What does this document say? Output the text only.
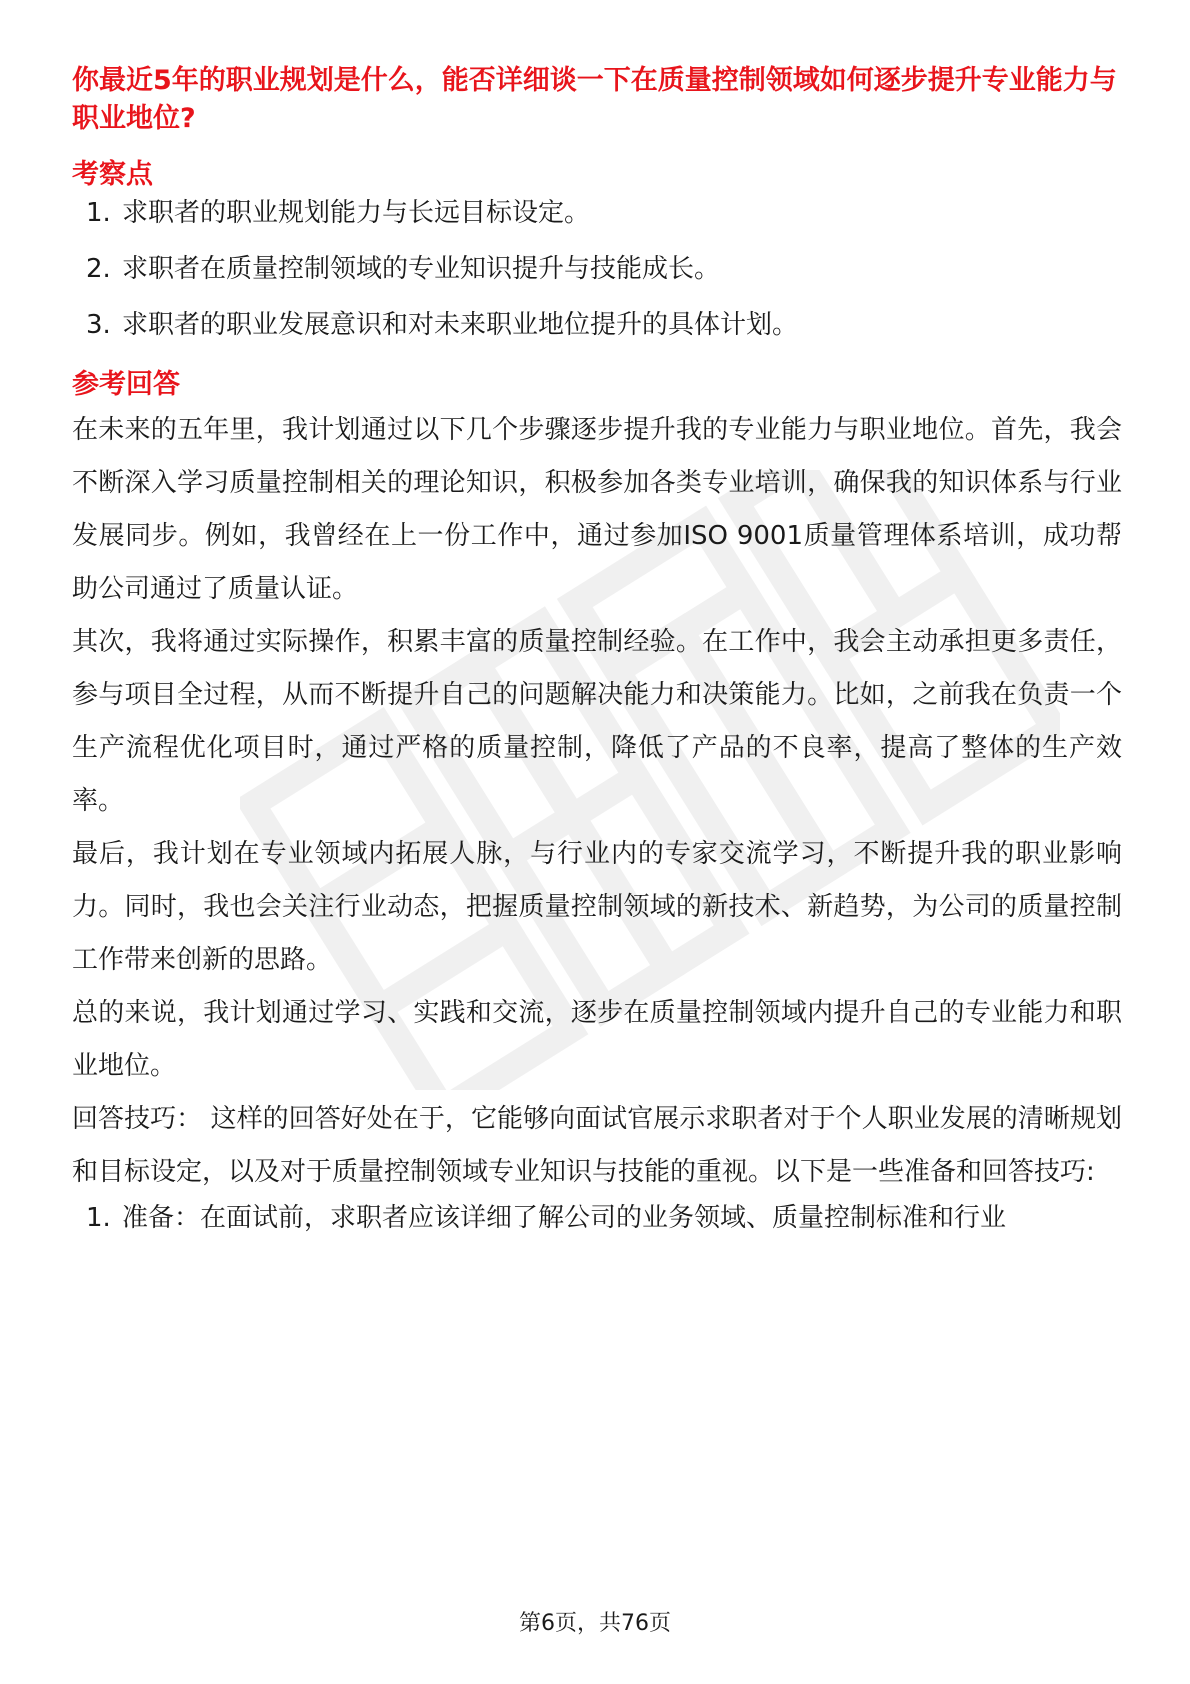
你最近5年的职业规划是什么，能否详细谈一下在质量控制领域如何逐步提升专业能力与职业地位?
考察点
1. 求职者的职业规划能力与长远目标设定。
2. 求职者在质量控制领域的专业知识提升与技能成长。
3. 求职者的职业发展意识和对未来职业地位提升的具体计划。
参考回答

在未来的五年里，我计划通过以下几个步骤逐步提升我的专业能力与职业地位。首先，我会不断深入学习质量控制相关的理论知识，积极参加各类专业培训，确保我的知识体系与行业发展同步。例如，我曾经在上一份工作中，通过参加ISO 9001质量管理体系培训，成功帮助公司通过了质量认证。

其次，我将通过实际操作，积累丰富的质量控制经验。在工作中，我会主动承担更多责任，参与项目全过程，从而不断提升自己的问题解决能力和决策能力。比如，之前我在负责一个生产流程优化项目时，通过严格的质量控制，降低了产品的不良率，提高了整体的生产效率。

最后，我计划在专业领域内拓展人脉，与行业内的专家交流学习，不断提升我的职业影响力。同时，我也会关注行业动态，把握质量控制领域的新技术、新趋势，为公司的质量控制工作带来创新的思路。

总的来说，我计划通过学习、实践和交流，逐步在质量控制领域内提升自己的专业能力和职业地位。

回答技巧： 这样的回答好处在于，它能够向面试官展示求职者对于个人职业发展的清晰规划和目标设定，以及对于质量控制领域专业知识与技能的重视。以下是一些准备和回答技巧:

1. 准备：在面试前，求职者应该详细了解公司的业务领域、质量控制标准和行业
第6页，共76页
